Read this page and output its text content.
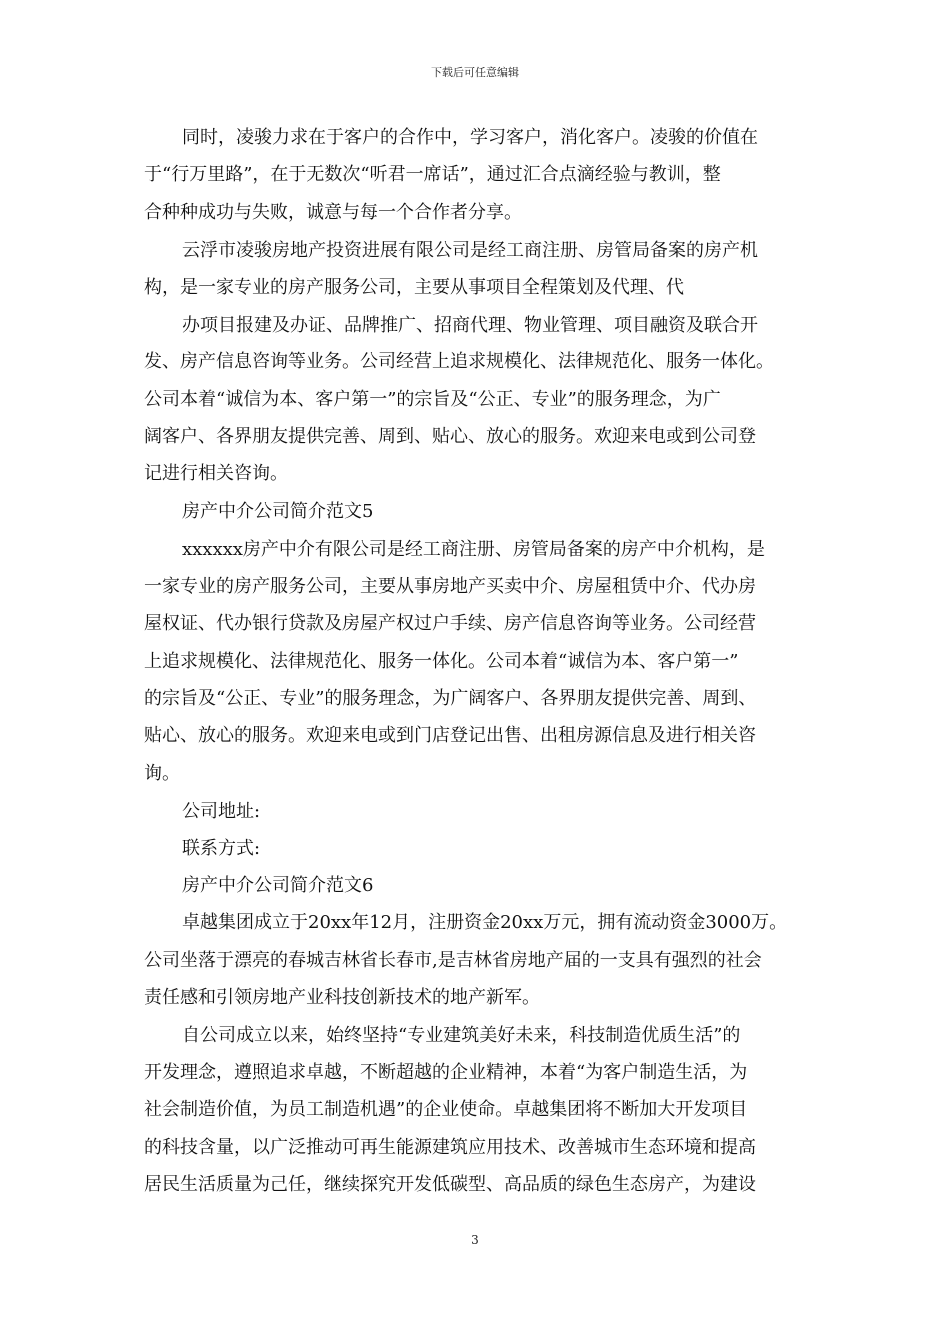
下载后可任意编辑
同时，凌骏力求在于客户的合作中，学习客户，消化客户。凌骏的价值在
于“行万里路”，在于无数次“听君一席话”，通过汇合点滴经验与教训，整
合种种成功与失败，诚意与每一个合作者分享。
云浮市凌骏房地产投资进展有限公司是经工商注册、房管局备案的房产机
构，是一家专业的房产服务公司，主要从事项目全程策划及代理、代
办项目报建及办证、品牌推广、招商代理、物业管理、项目融资及联合开
发、房产信息咨询等业务。公司经营上追求规模化、法律规范化、服务一体化。
公司本着“诚信为本、客户第一”的宗旨及“公正、专业”的服务理念，为广
阔客户、各界朋友提供完善、周到、贴心、放心的服务。欢迎来电或到公司登
记进行相关咨询。
房产中介公司简介范文5
xxxxxx房产中介有限公司是经工商注册、房管局备案的房产中介机构，是
一家专业的房产服务公司，主要从事房地产买卖中介、房屋租赁中介、代办房
屋权证、代办银行贷款及房屋产权过户手续、房产信息咨询等业务。公司经营
上追求规模化、法律规范化、服务一体化。公司本着“诚信为本、客户第一”
的宗旨及“公正、专业”的服务理念，为广阔客户、各界朋友提供完善、周到、
贴心、放心的服务。欢迎来电或到门店登记出售、出租房源信息及进行相关咨
询。
公司地址:
联系方式:
房产中介公司简介范文6
卓越集团成立于20xx年12月，注册资金20xx万元，拥有流动资金3000万。
公司坐落于漂亮的春城吉林省长春市,是吉林省房地产届的一支具有强烈的社会
责任感和引领房地产业科技创新技术的地产新军。
自公司成立以来，始终坚持“专业建筑美好未来，科技制造优质生活”的
开发理念，遵照追求卓越，不断超越的企业精神，本着“为客户制造生活，为
社会制造价值，为员工制造机遇”的企业使命。卓越集团将不断加大开发项目
的科技含量，以广泛推动可再生能源建筑应用技术、改善城市生态环境和提高
居民生活质量为己任，继续探究开发低碳型、高品质的绿色生态房产，为建设
3
